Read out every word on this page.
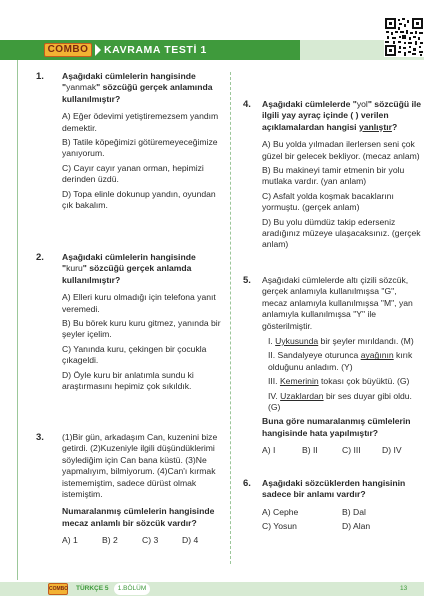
COMBO	KAVRAMA TESTİ 1
1. Aşağıdaki cümlelerin hangisinde "yanmak" sözcüğü gerçek anlamında kullanılmıştır?
A) Eğer ödevimi yetiştiremezsem yandım demektir.
B) Tatile köpeğimizi götüremeyeceğimize yanıyorum.
C) Cayır cayır yanan orman, hepimizi derinden üzdü.
D) Topa elinle dokunup yandın, oyundan çık bakalım.
2. Aşağıdaki cümlelerin hangisinde "kuru" sözcüğü gerçek anlamda kullanılmıştır?
A) Elleri kuru olmadığı için telefona yanıt veremedi.
B) Bu börek kuru kuru gitmez, yanında bir şeyler içelim.
C) Yanında kuru, çekingen bir çocukla çıkageldi.
D) Öyle kuru bir anlatımla sundu ki araştırmasını hepimiz çok sıkıldık.
3. (1)Bir gün, arkadaşım Can, kuzenini bize getirdi. (2)Kuzeniyle ilgili düşündüklerimi söylediğim için Can bana küstü. (3)Ne yapmalıyım, bilmiyorum. (4)Can'ı kırmak istememiştim, sadece dürüst olmak istemiştim.
Numaralanmış cümlelerin hangisinde mecaz anlamlı bir sözcük vardır?
A) 1	B) 2	C) 3	D) 4
4. Aşağıdaki cümlelerde "yol" sözcüğü ile ilgili yay ayraç içinde ( ) verilen açıklamalardan hangisi yanlıştır?
A) Bu yolda yılmadan ilerlersen seni çok güzel bir gelecek bekliyor. (mecaz anlam)
B) Bu makineyi tamir etmenin bir yolu mutlaka vardır. (yan anlam)
C) Asfalt yolda koşmak bacaklarını yormuştu. (gerçek anlam)
D) Bu yolu dümdüz takip ederseniz aradığınız müzeye ulaşacaksınız. (gerçek anlam)
5. Aşağıdaki cümlelerde altı çizili sözcük, gerçek anlamıyla kullanılmışsa "G", mecaz anlamıyla kullanılmışsa "M", yan anlamıyla kullanılmışsa "Y" ile gösterilmiştir.
I. Uykusunda bir şeyler mırıldandı. (M)
II. Sandalyeye oturunca ayağının kırık olduğunu anladım. (Y)
III. Kemerinin tokası çok büyüktü. (G)
IV. Uzaklardan bir ses duyar gibi oldu. (G)
Buna göre numaralanmış cümlelerin hangisinde hata yapılmıştır?
A) I	B) II	C) III	D) IV
6. Aşağıdaki sözcüklerden hangisinin sadece bir anlamı vardır?
A) Cephe	B) Dal
C) Yosun	D) Alan
COMBO TÜRKÇE 5	1.BÖLÜM	13
